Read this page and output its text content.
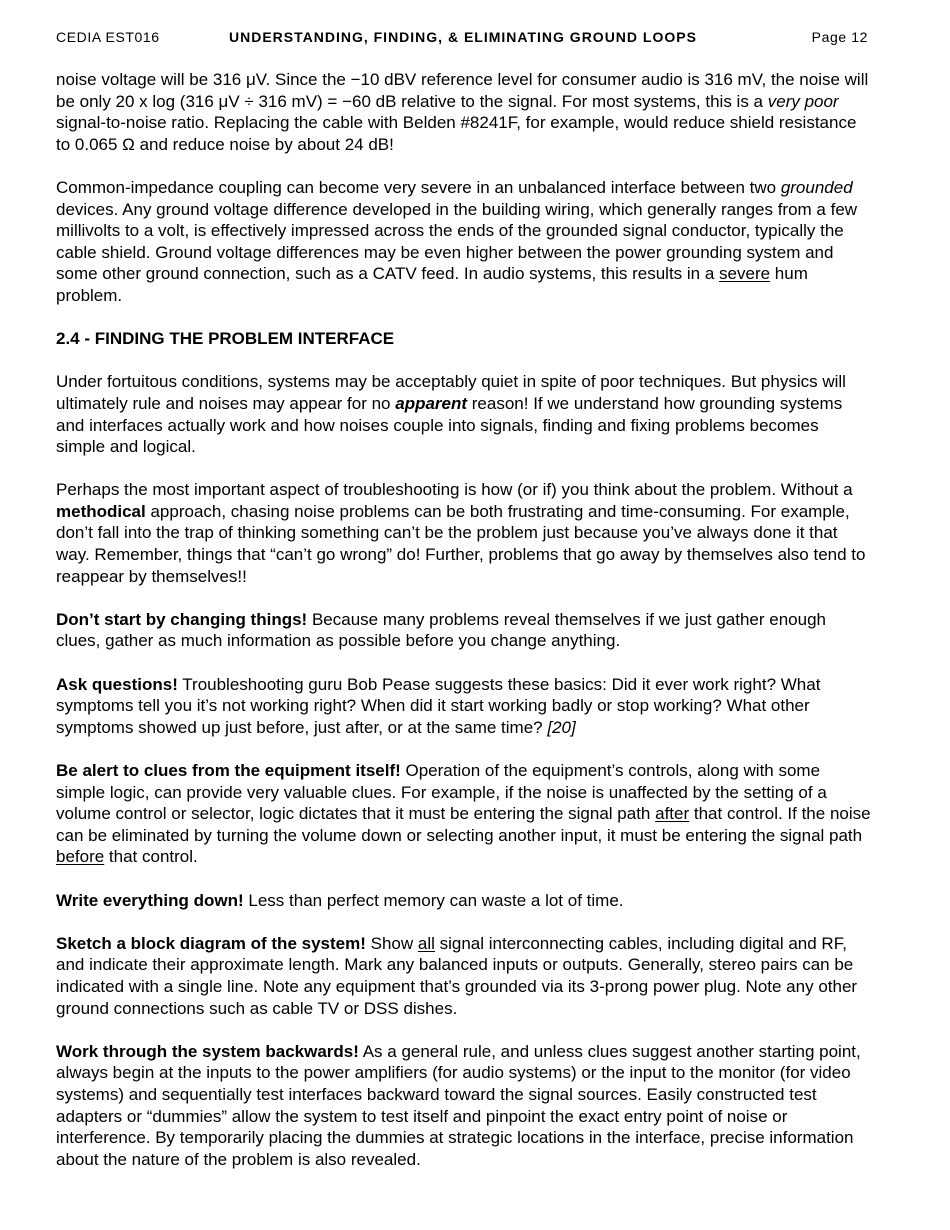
CEDIA EST016	UNDERSTANDING, FINDING, & ELIMINATING GROUND LOOPS	Page 12

noise voltage will be 316 μV. Since the −10 dBV reference level for consumer audio is 316 mV, the noise will be only 20 x log (316 μV ÷ 316 mV) = −60 dB relative to the signal. For most systems, this is a very poor signal-to-noise ratio. Replacing the cable with Belden #8241F, for example, would reduce shield resistance to 0.065 Ω and reduce noise by about 24 dB!

Common-impedance coupling can become very severe in an unbalanced interface between two grounded devices. Any ground voltage difference developed in the building wiring, which generally ranges from a few millivolts to a volt, is effectively impressed across the ends of the grounded signal conductor, typically the cable shield. Ground voltage differences may be even higher between the power grounding system and some other ground connection, such as a CATV feed. In audio systems, this results in a severe hum problem.

2.4 - FINDING THE PROBLEM INTERFACE

Under fortuitous conditions, systems may be acceptably quiet in spite of poor techniques. But physics will ultimately rule and noises may appear for no apparent reason! If we understand how grounding systems and interfaces actually work and how noises couple into signals, finding and fixing problems becomes simple and logical.

Perhaps the most important aspect of troubleshooting is how (or if) you think about the problem. Without a methodical approach, chasing noise problems can be both frustrating and time-consuming. For example, don’t fall into the trap of thinking something can’t be the problem just because you’ve always done it that way. Remember, things that “can’t go wrong” do! Further, problems that go away by themselves also tend to reappear by themselves!!

Don’t start by changing things! Because many problems reveal themselves if we just gather enough clues, gather as much information as possible before you change anything.

Ask questions! Troubleshooting guru Bob Pease suggests these basics: Did it ever work right? What symptoms tell you it’s not working right? When did it start working badly or stop working? What other symptoms showed up just before, just after, or at the same time? [20]

Be alert to clues from the equipment itself! Operation of the equipment’s controls, along with some simple logic, can provide very valuable clues. For example, if the noise is unaffected by the setting of a volume control or selector, logic dictates that it must be entering the signal path after that control. If the noise can be eliminated by turning the volume down or selecting another input, it must be entering the signal path before that control.

Write everything down! Less than perfect memory can waste a lot of time.

Sketch a block diagram of the system! Show all signal interconnecting cables, including digital and RF, and indicate their approximate length. Mark any balanced inputs or outputs. Generally, stereo pairs can be indicated with a single line. Note any equipment that’s grounded via its 3-prong power plug. Note any other ground connections such as cable TV or DSS dishes.

Work through the system backwards! As a general rule, and unless clues suggest another starting point, always begin at the inputs to the power amplifiers (for audio systems) or the input to the monitor (for video systems) and sequentially test interfaces backward toward the signal sources. Easily constructed test adapters or “dummies” allow the system to test itself and pinpoint the exact entry point of noise or interference. By temporarily placing the dummies at strategic locations in the interface, precise information about the nature of the problem is also revealed.
